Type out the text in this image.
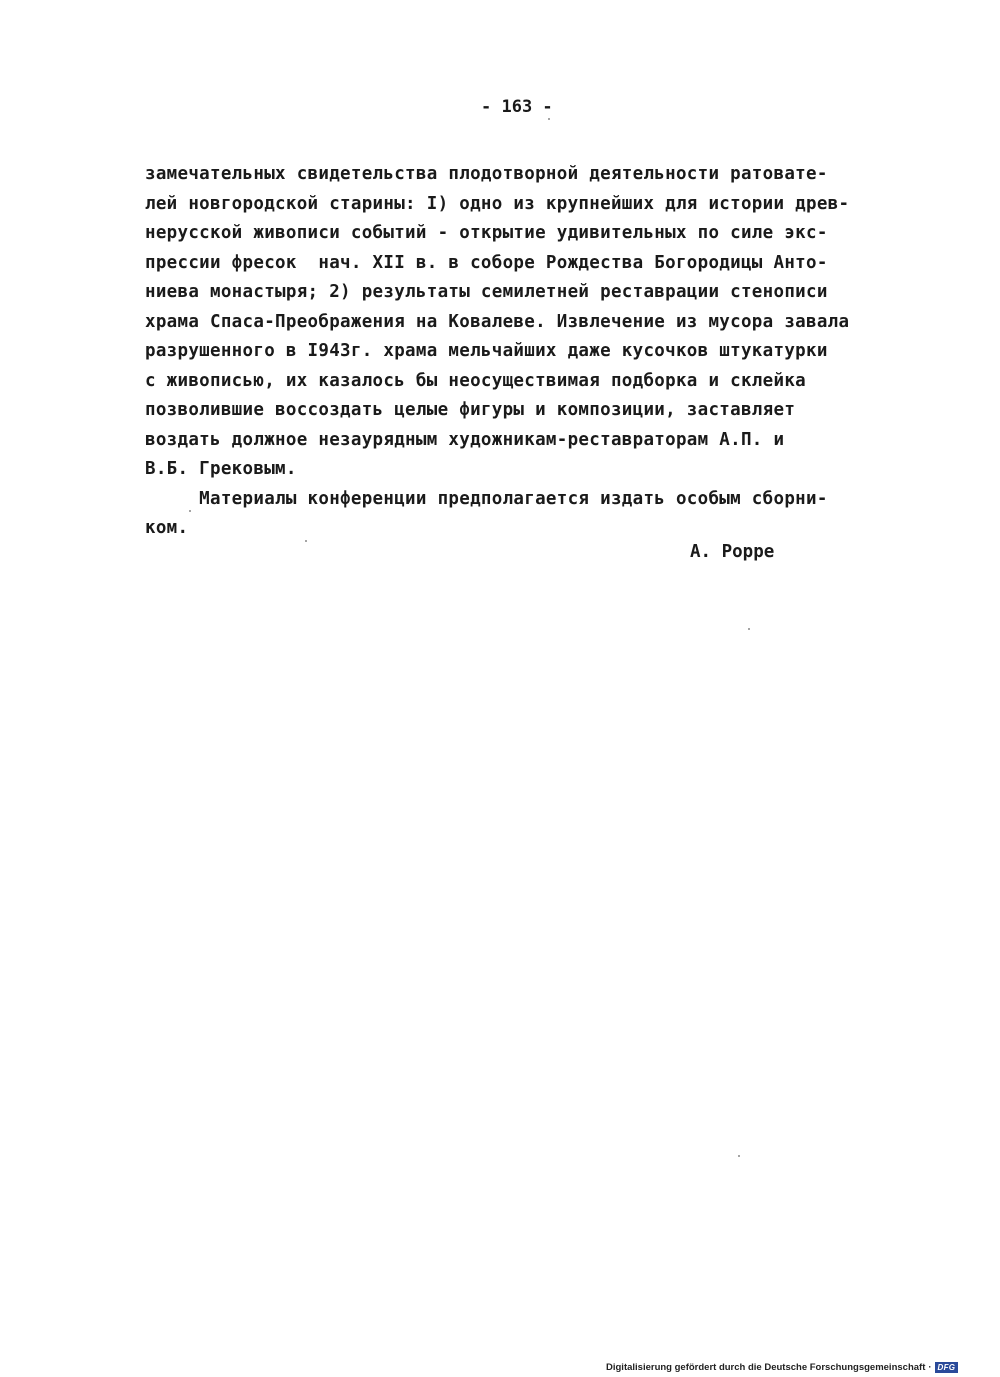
- 163 -
замечательных свидетельства плодотворной деятельности ратовате-
лей новгородской старины: I) одно из крупнейших для истории древ-
нерусской живописи событий - открытие удивительных по силе экс-
прессии фресок  нач. XII в. в соборе Рождества Богородицы Анто-
ниева монастыря; 2) результаты семилетней реставрации стенописи
храма Спаса-Преображения на Ковалеве. Извлечение из мусора завала
разрушенного в I943г. храма мельчайших даже кусочков штукатурки
с живописью, их казалось бы неосуществимая подборка и склейка
позволившие воссоздать целые фигуры и композиции, заставляет
воздать должное незаурядным художникам-реставраторам А.П. и
В.Б. Грековым.
Материалы конференции предполагается издать особым сборни-
ком.
А. Рорре
Digitalisierung gefördert durch die Deutsche Forschungsgemeinschaft · DFG
